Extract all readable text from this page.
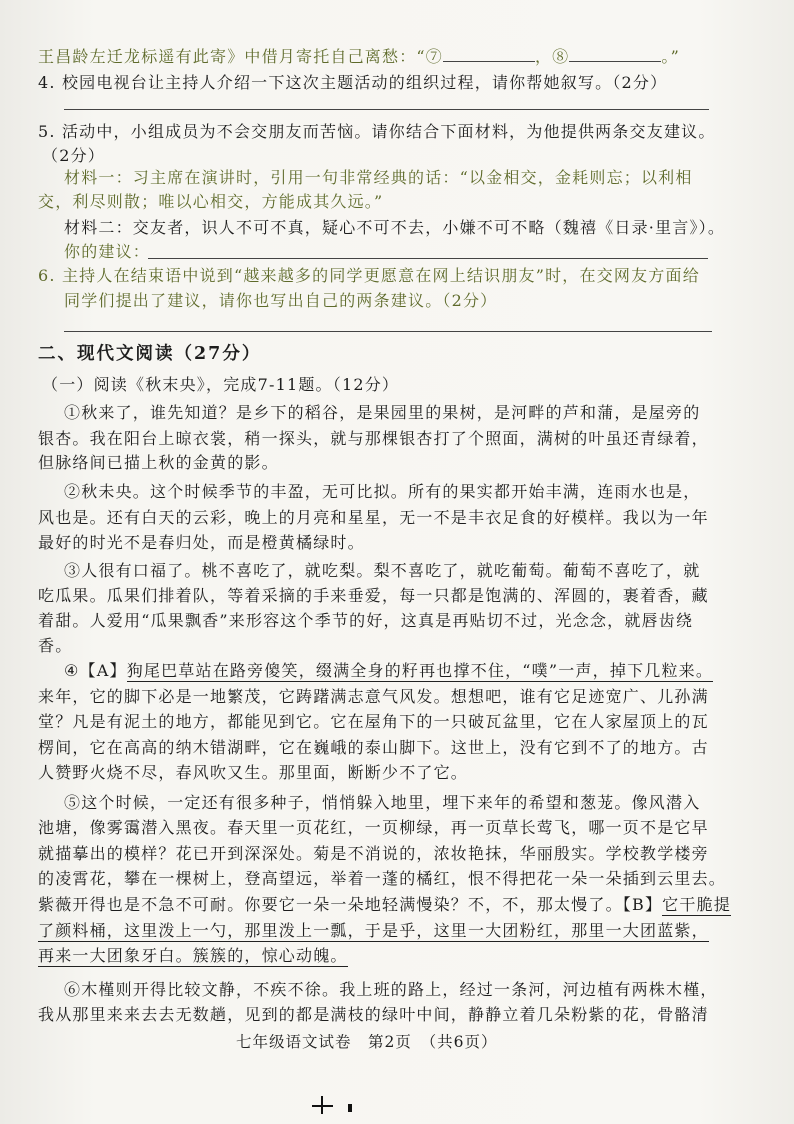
王昌龄左迁龙标遥有此寄》中借月寄托自己离愁：“⑦	，⑧	。”
4. 校园电视台让主持人介绍一下这次主题活动的组织过程，请你帮她叙写。（2分）
5. 活动中，小组成员为不会交朋友而苦恼。请你结合下面材料，为他提供两条交友建议。
（2分）
材料一：习主席在演讲时，引用一句非常经典的话：“以金相交，金耗则忘；以利相
交，利尽则散；唯以心相交，方能成其久远。”
材料二：交友者，识人不可不真，疑心不可不去，小嫌不可不略（魏禧《日录·里言》）。
你的建议：
6. 主持人在结束语中说到“越来越多的同学更愿意在网上结识朋友”时，在交网友方面给
同学们提出了建议，请你也写出自己的两条建议。（2分）
二、现代文阅读（27分）
（一）阅读《秋末央》，完成7-11题。（12分）
①秋来了，谁先知道？是乡下的稻谷，是果园里的果树，是河畔的芦和蒲，是屋旁的
银杏。我在阳台上晾衣裳，稍一探头，就与那棵银杏打了个照面，满树的叶虽还青绿着，
但脉络间已描上秋的金黄的影。
②秋未央。这个时候季节的丰盈，无可比拟。所有的果实都开始丰满，连雨水也是，
风也是。还有白天的云彩，晚上的月亮和星星，无一不是丰衣足食的好模样。我以为一年
最好的时光不是春归处，而是橙黄橘绿时。
③人很有口福了。桃不喜吃了，就吃梨。梨不喜吃了，就吃葡萄。葡萄不喜吃了，就
吃瓜果。瓜果们排着队，等着采摘的手来垂爱，每一只都是饱满的、浑圆的，裹着香，藏
着甜。人爱用“瓜果飘香”来形容这个季节的好，这真是再贴切不过，光念念，就唇齿绕
香。
④【A】狗尾巴草站在路旁傻笑，缀满全身的籽再也撑不住，“噗”一声，掉下几粒来。
来年，它的脚下必是一地繁茂，它踌躇满志意气风发。想想吧，谁有它足迹宽广、儿孙满
堂？凡是有泥土的地方，都能见到它。它在屋角下的一只破瓦盆里，它在人家屋顶上的瓦
楞间，它在高高的纳木错湖畔，它在巍峨的泰山脚下。这世上，没有它到不了的地方。古
人赞野火烧不尽，春风吹又生。那里面，断断少不了它。
⑤这个时候，一定还有很多种子，悄悄躲入地里，埋下来年的希望和葱茏。像风潜入
池塘，像雾霭潜入黑夜。春天里一页花红，一页柳绿，再一页草长莺飞，哪一页不是它早
就描摹出的模样？花已开到深深处。菊是不消说的，浓妆艳抹，华丽殷实。学校教学楼旁
的凌霄花，攀在一棵树上，登高望远，举着一蓬的橘红，恨不得把花一朵一朵插到云里去。
紫薇开得也是不急不可耐。你要它一朵一朵地轻满慢染？不，不，那太慢了。【B】它干脆提
了颜料桶，这里泼上一勺，那里泼上一瓢，于是乎，这里一大团粉红，那里一大团蓝紫，
再来一大团象牙白。簇簇的，惊心动魄。
⑥木槿则开得比较文静，不疾不徐。我上班的路上，经过一条河，河边植有两株木槿，
我从那里来来去去无数趟，见到的都是满枝的绿叶中间，静静立着几朵粉紫的花，骨骼清
七年级语文试卷　第2页　（共6页）
